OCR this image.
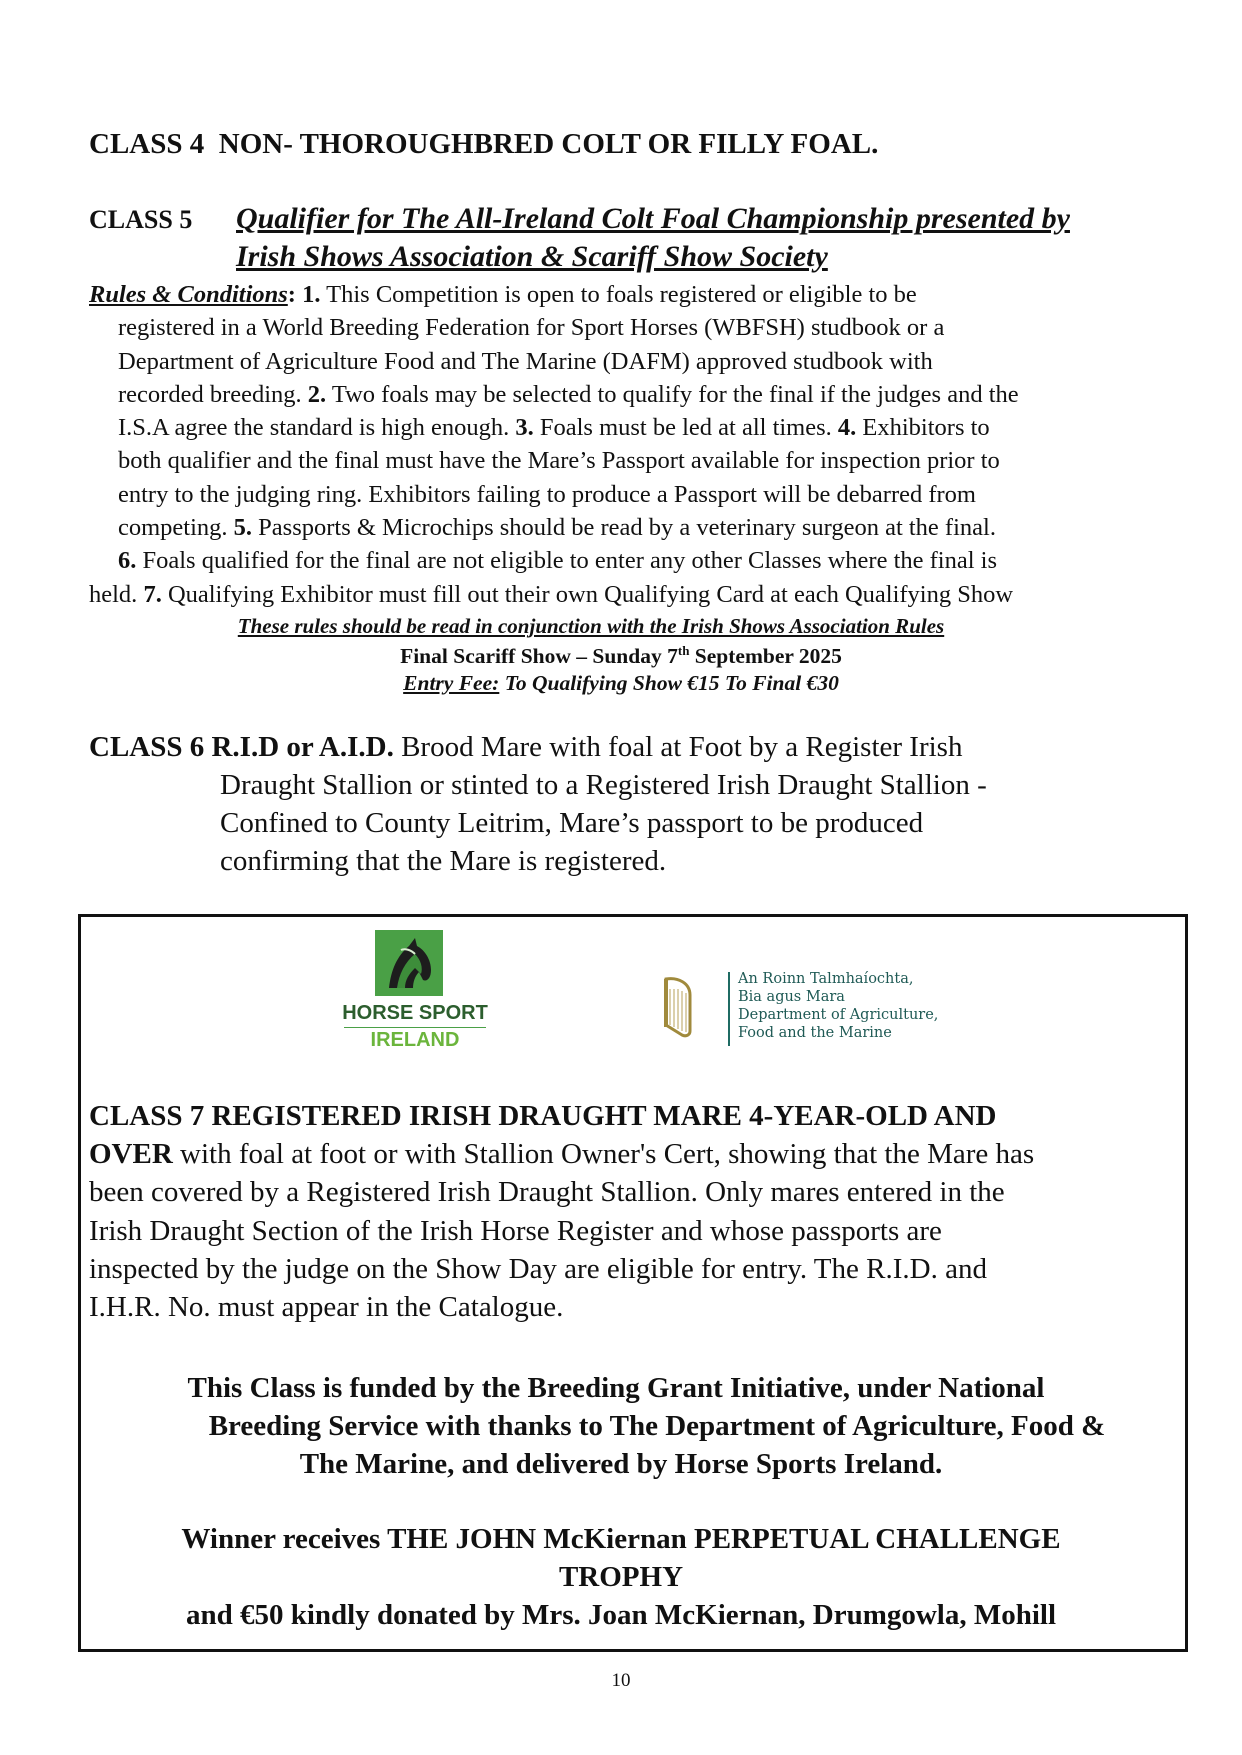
CLASS 4 NON- THOROUGHBRED COLT OR FILLY FOAL.
CLASS 5 Qualifier for The All-Ireland Colt Foal Championship presented by
Irish Shows Association & Scariff Show Society
Rules & Conditions: 1. This Competition is open to foals registered or eligible to be
registered in a World Breeding Federation for Sport Horses (WBFSH) studbook or a
Department of Agriculture Food and The Marine (DAFM) approved studbook with
recorded breeding. 2. Two foals may be selected to qualify for the final if the judges and the
I.S.A agree the standard is high enough. 3. Foals must be led at all times. 4. Exhibitors to
both qualifier and the final must have the Mare’s Passport available for inspection prior to
entry to the judging ring. Exhibitors failing to produce a Passport will be debarred from
competing. 5. Passports & Microchips should be read by a veterinary surgeon at the final.
6. Foals qualified for the final are not eligible to enter any other Classes where the final is
held. 7. Qualifying Exhibitor must fill out their own Qualifying Card at each Qualifying Show
These rules should be read in conjunction with the Irish Shows Association Rules
Final Scariff Show – Sunday 7th September 2025
Entry Fee: To Qualifying Show €15 To Final €30
CLASS 6 R.I.D or A.I.D. Brood Mare with foal at Foot by a Register Irish
Draught Stallion or stinted to a Registered Irish Draught Stallion -
Confined to County Leitrim, Mare’s passport to be produced
confirming that the Mare is registered.
HORSE SPORT
IRELAND
An Roinn Talmhaíochta,
Bia agus Mara
Department of Agriculture,
Food and the Marine
CLASS 7 REGISTERED IRISH DRAUGHT MARE 4-YEAR-OLD AND
OVER with foal at foot or with Stallion Owner's Cert, showing that the Mare has
been covered by a Registered Irish Draught Stallion. Only mares entered in the
Irish Draught Section of the Irish Horse Register and whose passports are
inspected by the judge on the Show Day are eligible for entry. The R.I.D. and
I.H.R. No. must appear in the Catalogue.
This Class is funded by the Breeding Grant Initiative, under National
Breeding Service with thanks to The Department of Agriculture, Food &
The Marine, and delivered by Horse Sports Ireland.
Winner receives THE JOHN McKiernan PERPETUAL CHALLENGE
TROPHY
and €50 kindly donated by Mrs. Joan McKiernan, Drumgowla, Mohill
10
